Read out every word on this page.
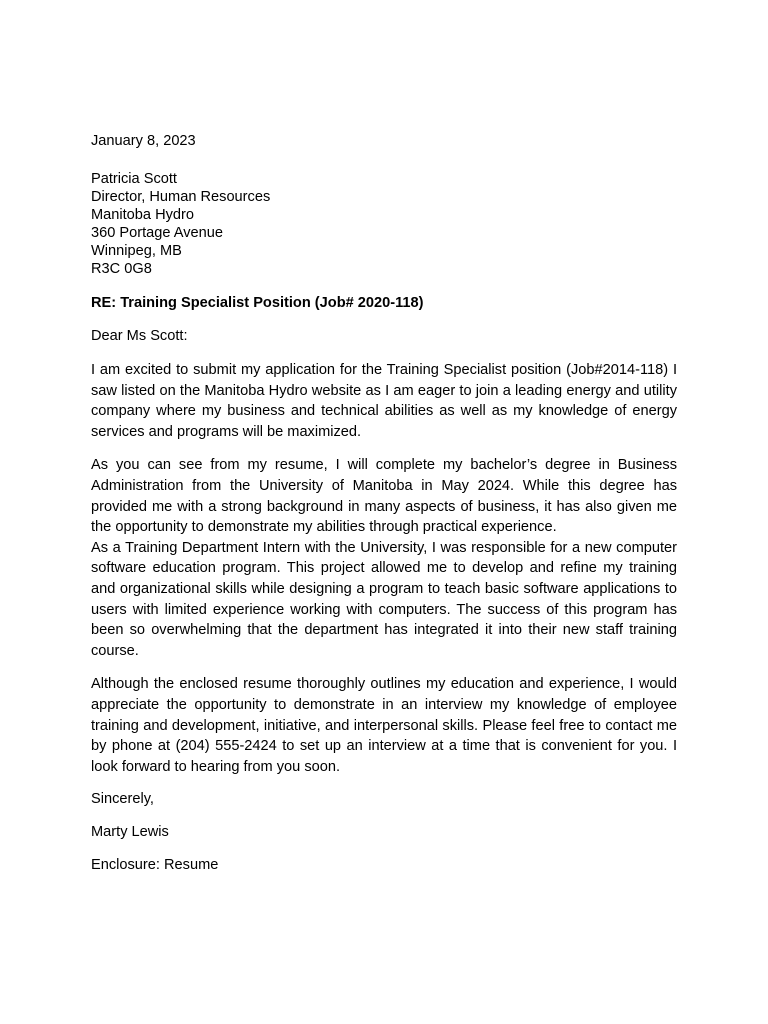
January 8, 2023
Patricia Scott
Director, Human Resources
Manitoba Hydro
360 Portage Avenue
Winnipeg, MB
R3C 0G8
RE: Training Specialist Position (Job# 2020-118)
Dear Ms Scott:

I am excited to submit my application for the Training Specialist position (Job#2014-118) I saw listed on the Manitoba Hydro website as I am eager to join a leading energy and utility company where my business and technical abilities as well as my knowledge of energy services and programs will be maximized.

As you can see from my resume, I will complete my bachelor’s degree in Business Administration from the University of Manitoba in May 2024. While this degree has provided me with a strong background in many aspects of business, it has also given me the opportunity to demonstrate my abilities through practical experience.

As a Training Department Intern with the University, I was responsible for a new computer software education program. This project allowed me to develop and refine my training and organizational skills while designing a program to teach basic software applications to users with limited experience working with computers. The success of this program has been so overwhelming that the department has integrated it into their new staff training course.

Although the enclosed resume thoroughly outlines my education and experience, I would appreciate the opportunity to demonstrate in an interview my knowledge of employee training and development, initiative, and interpersonal skills. Please feel free to contact me by phone at (204) 555-2424 to set up an interview at a time that is convenient for you. I look forward to hearing from you soon.

Sincerely,
Marty Lewis
Enclosure: Resume
